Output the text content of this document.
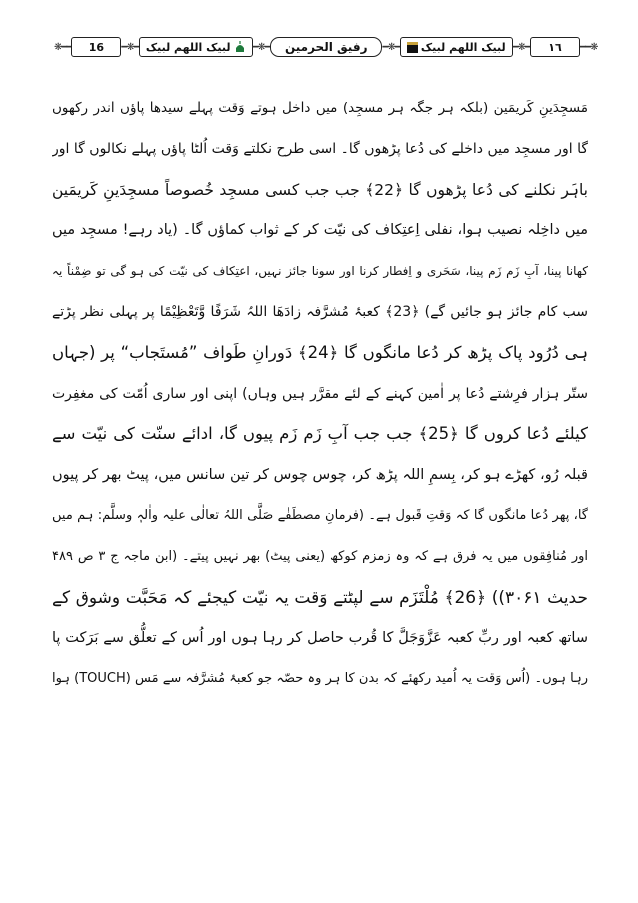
❋━━ 16 ━❋━ لبیک اللھم لبیک ━❋━ رفیق الحرمین ━❋━ لبیک اللھم لبیک ━❋━ ١٦ ━━❋
مَسجِدَینِ کَریمَین (بلکہ ہر جگہ ہر مسجِد) میں داخل ہوتے وَقت پہلے سیدھا پاؤں اندر رکھوں
گا اور مسجِد میں داخلے کی دُعا پڑھوں گا۔ اسی طرح نکلتے وَقت اُلٹا پاؤں پہلے نکالوں گا اور
باہَر نکلنے کی دُعا پڑھوں گا ﴿22﴾ جب جب کسی مسجِد خُصوصاً مسجِدَینِ کَریمَین
میں داخِلہ نصیب ہوا، نفلی اِعتِکاف کی نیّت کر کے ثواب کماؤں گا۔ (یاد رہے! مسجِد میں
کھانا پینا، آبِ زَم زَم پینا، سَحَری و اِفطار کرنا اور سونا جائز نہیں، اعتِکاف کی نیّت کی ہو گی تو ضِمْناً یہ
سب کام جائز ہو جائیں گے) ﴿23﴾ کعبۂ مُشرَّفہ زادَھَا اللہُ شَرَفًا وَّتَعْظِیْمًا پر پہلی نظر پڑتے
ہی دُرُود پاک پڑھ کر دُعا مانگوں گا ﴿24﴾ دَورانِ طَواف ”مُستَجاب“ پر (جہاں
ستّر ہزار فرِشتے دُعا پر اٰمین کہنے کے لئے مقرَّر ہیں وہاں) اپنی اور ساری اُمّت کی مغفِرت
کیلئے دُعا کروں گا ﴿25﴾ جب جب آبِ زَم زَم پیوں گا، ادائے سنّت کی نیّت سے
قبلہ رُو، کھڑے ہو کر، بِسمِ اللہ پڑھ کر، چوس چوس کر تین سانس میں، پیٹ بھر کر پیوں
گا، پھر دُعا مانگوں گا کہ وَقتِ قَبول ہے۔ (فرمانِ مصطَفٰے صَلَّی اللہُ تعالٰی علیہ واٰلہٖ وسلَّم: ہم میں
اور مُنافِقوں میں یہ فرق ہے کہ وہ زمزم کوکھ (یعنی پیٹ) بھر نہیں پیتے۔ (ابن ماجہ ج ۳ ص ۴۸۹
حدیث ۳۰۶۱)) ﴿26﴾ مُلْتَزَم سے لپٹتے وَقت یہ نیّت کیجئے کہ مَحَبَّت وشوق کے
ساتھ کعبہ اور ربِّ کعبہ عَزَّوَجَلَّ کا قُرب حاصل کر رہا ہوں اور اُس کے تعلُّق سے بَرَکت پا
رہا ہوں۔ (اُس وَقت یہ اُمید رکھئے کہ بدن کا ہر وہ حصّہ جو کعبۂ مُشرَّفہ سے مَس (TOUCH) ہوا
